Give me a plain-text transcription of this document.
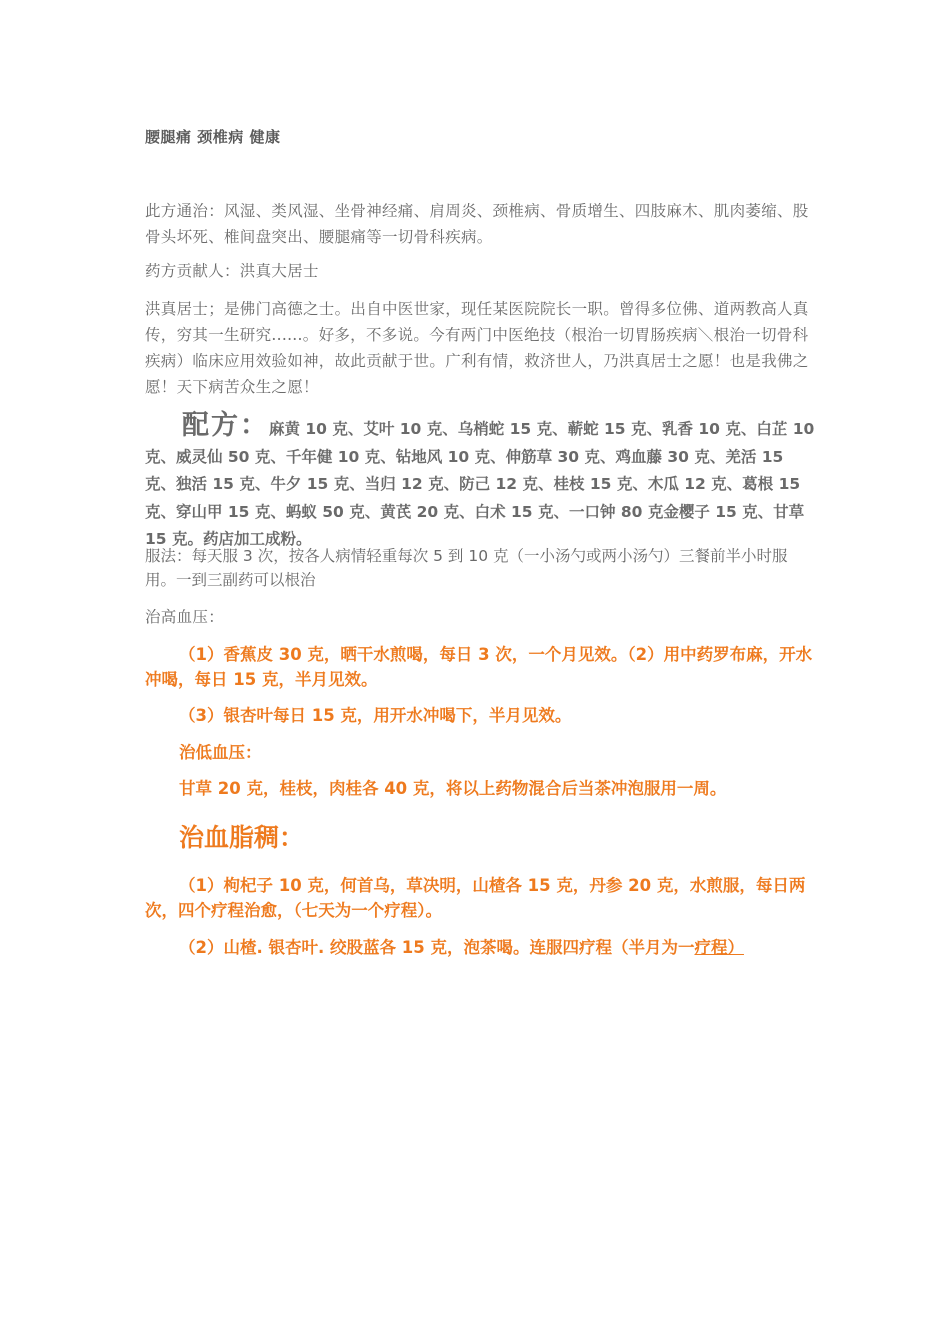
腰腿痛 颈椎病 健康

此方通治：风湿、类风湿、坐骨神经痛、肩周炎、颈椎病、骨质增生、四肢麻木、肌肉萎缩、股骨头坏死、椎间盘突出、腰腿痛等一切骨科疾病。

药方贡献人：洪真大居士

洪真居士；是佛门高德之士。出自中医世家，现任某医院院长一职。曾得多位佛、道两教高人真传，穷其一生研究......。好多，不多说。今有两门中医绝技（根治一切胃肠疾病＼根治一切骨科疾病）临床应用效验如神，故此贡献于世。广利有情，救济世人，乃洪真居士之愿！也是我佛之愿！天下病苦众生之愿！

配方：麻黄 10 克、艾叶 10 克、乌梢蛇 15 克、蕲蛇 15 克、乳香 10 克、白芷 10 克、威灵仙 50 克、千年健 10 克、钻地风 10 克、伸筋草 30 克、鸡血藤 30 克、羌活 15 克、独活 15 克、牛夕 15 克、当归 12 克、防己 12 克、桂枝 15 克、木瓜 12 克、葛根 15 克、穿山甲 15 克、蚂蚁 50 克、黄芪 20 克、白术 15 克、一口钟 80 克金樱子 15 克、甘草 15 克。药店加工成粉。

服法：每天服 3 次，按各人病情轻重每次 5 到 10 克（一小汤勺或两小汤勺）三餐前半小时服用。一到三副药可以根治

治高血压：

（1）香蕉皮 30 克，晒干水煎喝，每日 3 次，一个月见效。（2）用中药罗布麻，开水冲喝，每日 15 克，半月见效。

（3）银杏叶每日 15 克，用开水冲喝下，半月见效。

治低血压：

甘草 20 克，桂枝，肉桂各 40 克，将以上药物混合后当茶冲泡服用一周。

治血脂稠：

（1）枸杞子 10 克，何首乌，草决明，山楂各 15 克，丹参 20 克，水煎服，每日两次，四个疗程治愈，（七天为一个疗程）。

（2）山楂. 银杏叶. 绞股蓝各 15 克，泡茶喝。连服四疗程（半月为一疗程）
